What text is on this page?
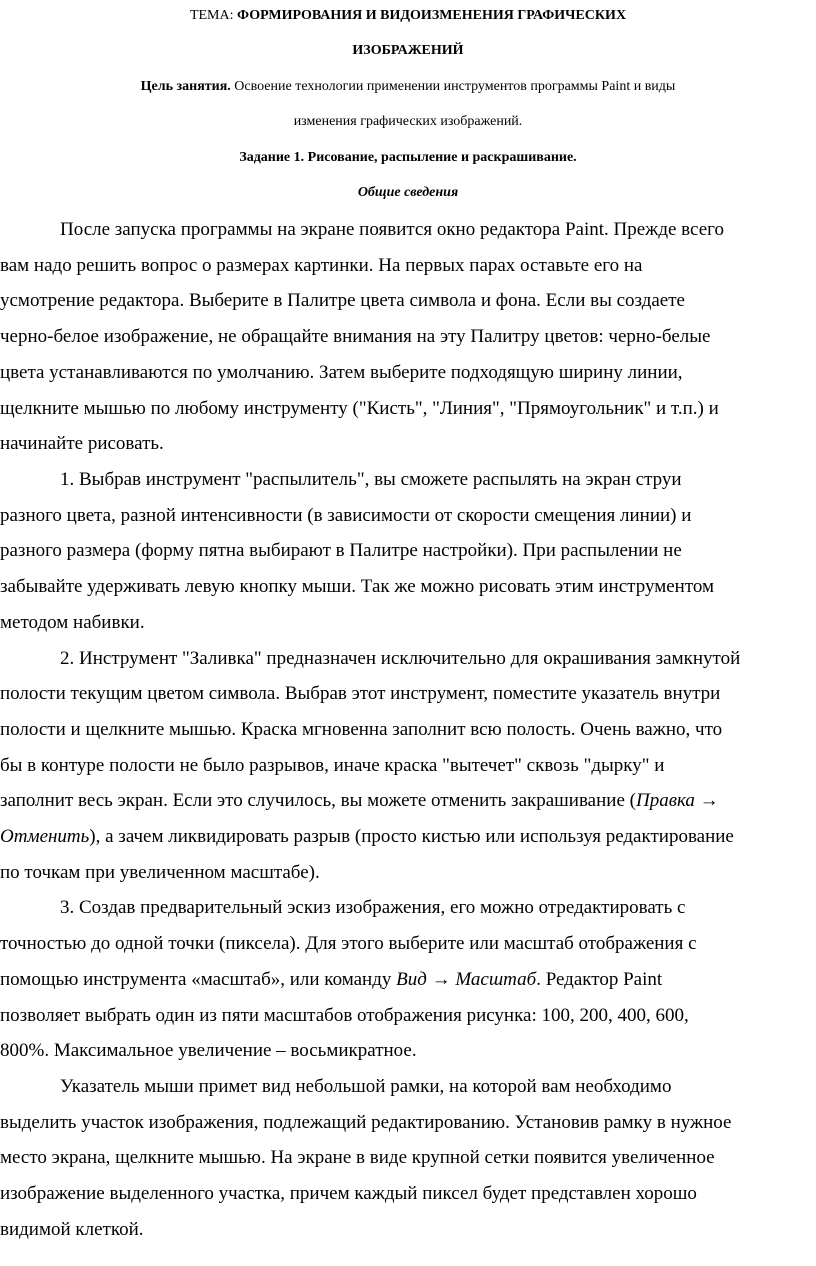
ТЕМА: ФОРМИРОВАНИЯ И ВИДОИЗМЕНЕНИЯ ГРАФИЧЕСКИХ
ИЗОБРАЖЕНИЙ
Цель занятия. Освоение технологии применении инструментов программы Paint и виды
изменения графических изображений.
Задание 1. Рисование, распыление и раскрашивание.
Общие сведения
После запуска программы на экране появится окно редактора Paint. Прежде всего
вам надо решить вопрос о размерах картинки. На первых парах оставьте его на
усмотрение редактора. Выберите в Палитре цвета символа и фона. Если вы создаете
черно-белое изображение, не обращайте внимания на эту Палитру цветов: черно-белые
цвета устанавливаются по умолчанию. Затем выберите подходящую ширину линии,
щелкните мышью по любому инструменту ("Кисть", "Линия", "Прямоугольник" и т.п.) и
начинайте рисовать.
1. Выбрав инструмент "распылитель", вы сможете распылять на экран струи
разного цвета, разной интенсивности (в зависимости от скорости смещения линии) и
разного размера (форму пятна выбирают в Палитре настройки). При распылении не
забывайте удерживать левую кнопку мыши. Так же можно рисовать этим инструментом
методом набивки.
2. Инструмент "Заливка" предназначен исключительно для окрашивания замкнутой
полости текущим цветом символа. Выбрав этот инструмент, поместите указатель внутри
полости и щелкните мышью. Краска мгновенна заполнит всю полость. Очень важно, что
бы в контуре полости не было разрывов, иначе краска "вытечет" сквозь "дырку" и
заполнит весь экран. Если это случилось, вы можете отменить закрашивание (Правка →
Отменить), а зачем ликвидировать разрыв (просто кистью или используя редактирование
по точкам при увеличенном масштабе).
3. Создав предварительный эскиз изображения, его можно отредактировать с
точностью до одной точки (пиксела). Для этого выберите или масштаб отображения с
помощью инструмента «масштаб», или команду Вид → Масштаб. Редактор Paint
позволяет выбрать один из пяти масштабов отображения рисунка: 100, 200, 400, 600,
800%. Максимальное увеличение – восьмикратное.
Указатель мыши примет вид небольшой рамки, на которой вам необходимо
выделить участок изображения, подлежащий редактированию. Установив рамку в нужное
место экрана, щелкните мышью. На экране в виде крупной сетки появится увеличенное
изображение выделенного участка, причем каждый пиксел будет представлен хорошо
видимой клеткой.
